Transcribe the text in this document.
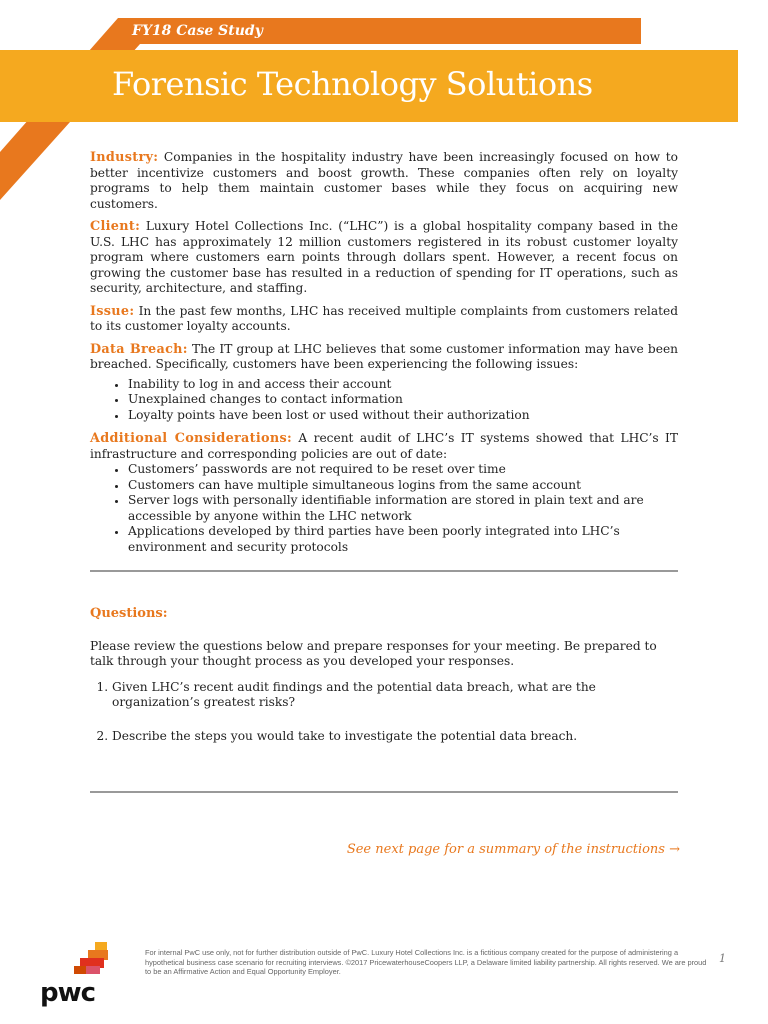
FY18 Case Study
Forensic Technology Solutions

Industry: Companies in the hospitality industry have been increasingly focused on how to better incentivize customers and boost growth. These companies often rely on loyalty programs to help them maintain customer bases while they focus on acquiring new customers.

Client: Luxury Hotel Collections Inc. (“LHC”) is a global hospitality company based in the U.S. LHC has approximately 12 million customers registered in its robust customer loyalty program where customers earn points through dollars spent. However, a recent focus on growing the customer base has resulted in a reduction of spending for IT operations, such as security, architecture, and staffing.

Issue: In the past few months, LHC has received multiple complaints from customers related to its customer loyalty accounts.

Data Breach: The IT group at LHC believes that some customer information may have been breached. Specifically, customers have been experiencing the following issues:

• Inability to log in and access their account
• Unexplained changes to contact information
• Loyalty points have been lost or used without their authorization

Additional Considerations: A recent audit of LHC’s IT systems showed that LHC’s IT infrastructure and corresponding policies are out of date:

• Customers’ passwords are not required to be reset over time
• Customers can have multiple simultaneous logins from the same account
• Server logs with personally identifiable information are stored in plain text and are accessible by anyone within the LHC network
• Applications developed by third parties have been poorly integrated into LHC’s environment and security protocols
Questions:
Please review the questions below and prepare responses for your meeting. Be prepared to talk through your thought process as you developed your responses.
1. Given LHC’s recent audit findings and the potential data breach, what are the organization’s greatest risks?
2. Describe the steps you would take to investigate the potential data breach.
See next page for a summary of the instructions →
pwc
For internal PwC use only, not for further distribution outside of PwC. Luxury Hotel Collections Inc. is a fictitious company created for the purpose of administering a hypothetical business case scenario for recruiting interviews. ©2017 PricewaterhouseCoopers LLP, a Delaware limited liability partnership. All rights reserved. We are proud to be an Affirmative Action and Equal Opportunity Employer.
1
